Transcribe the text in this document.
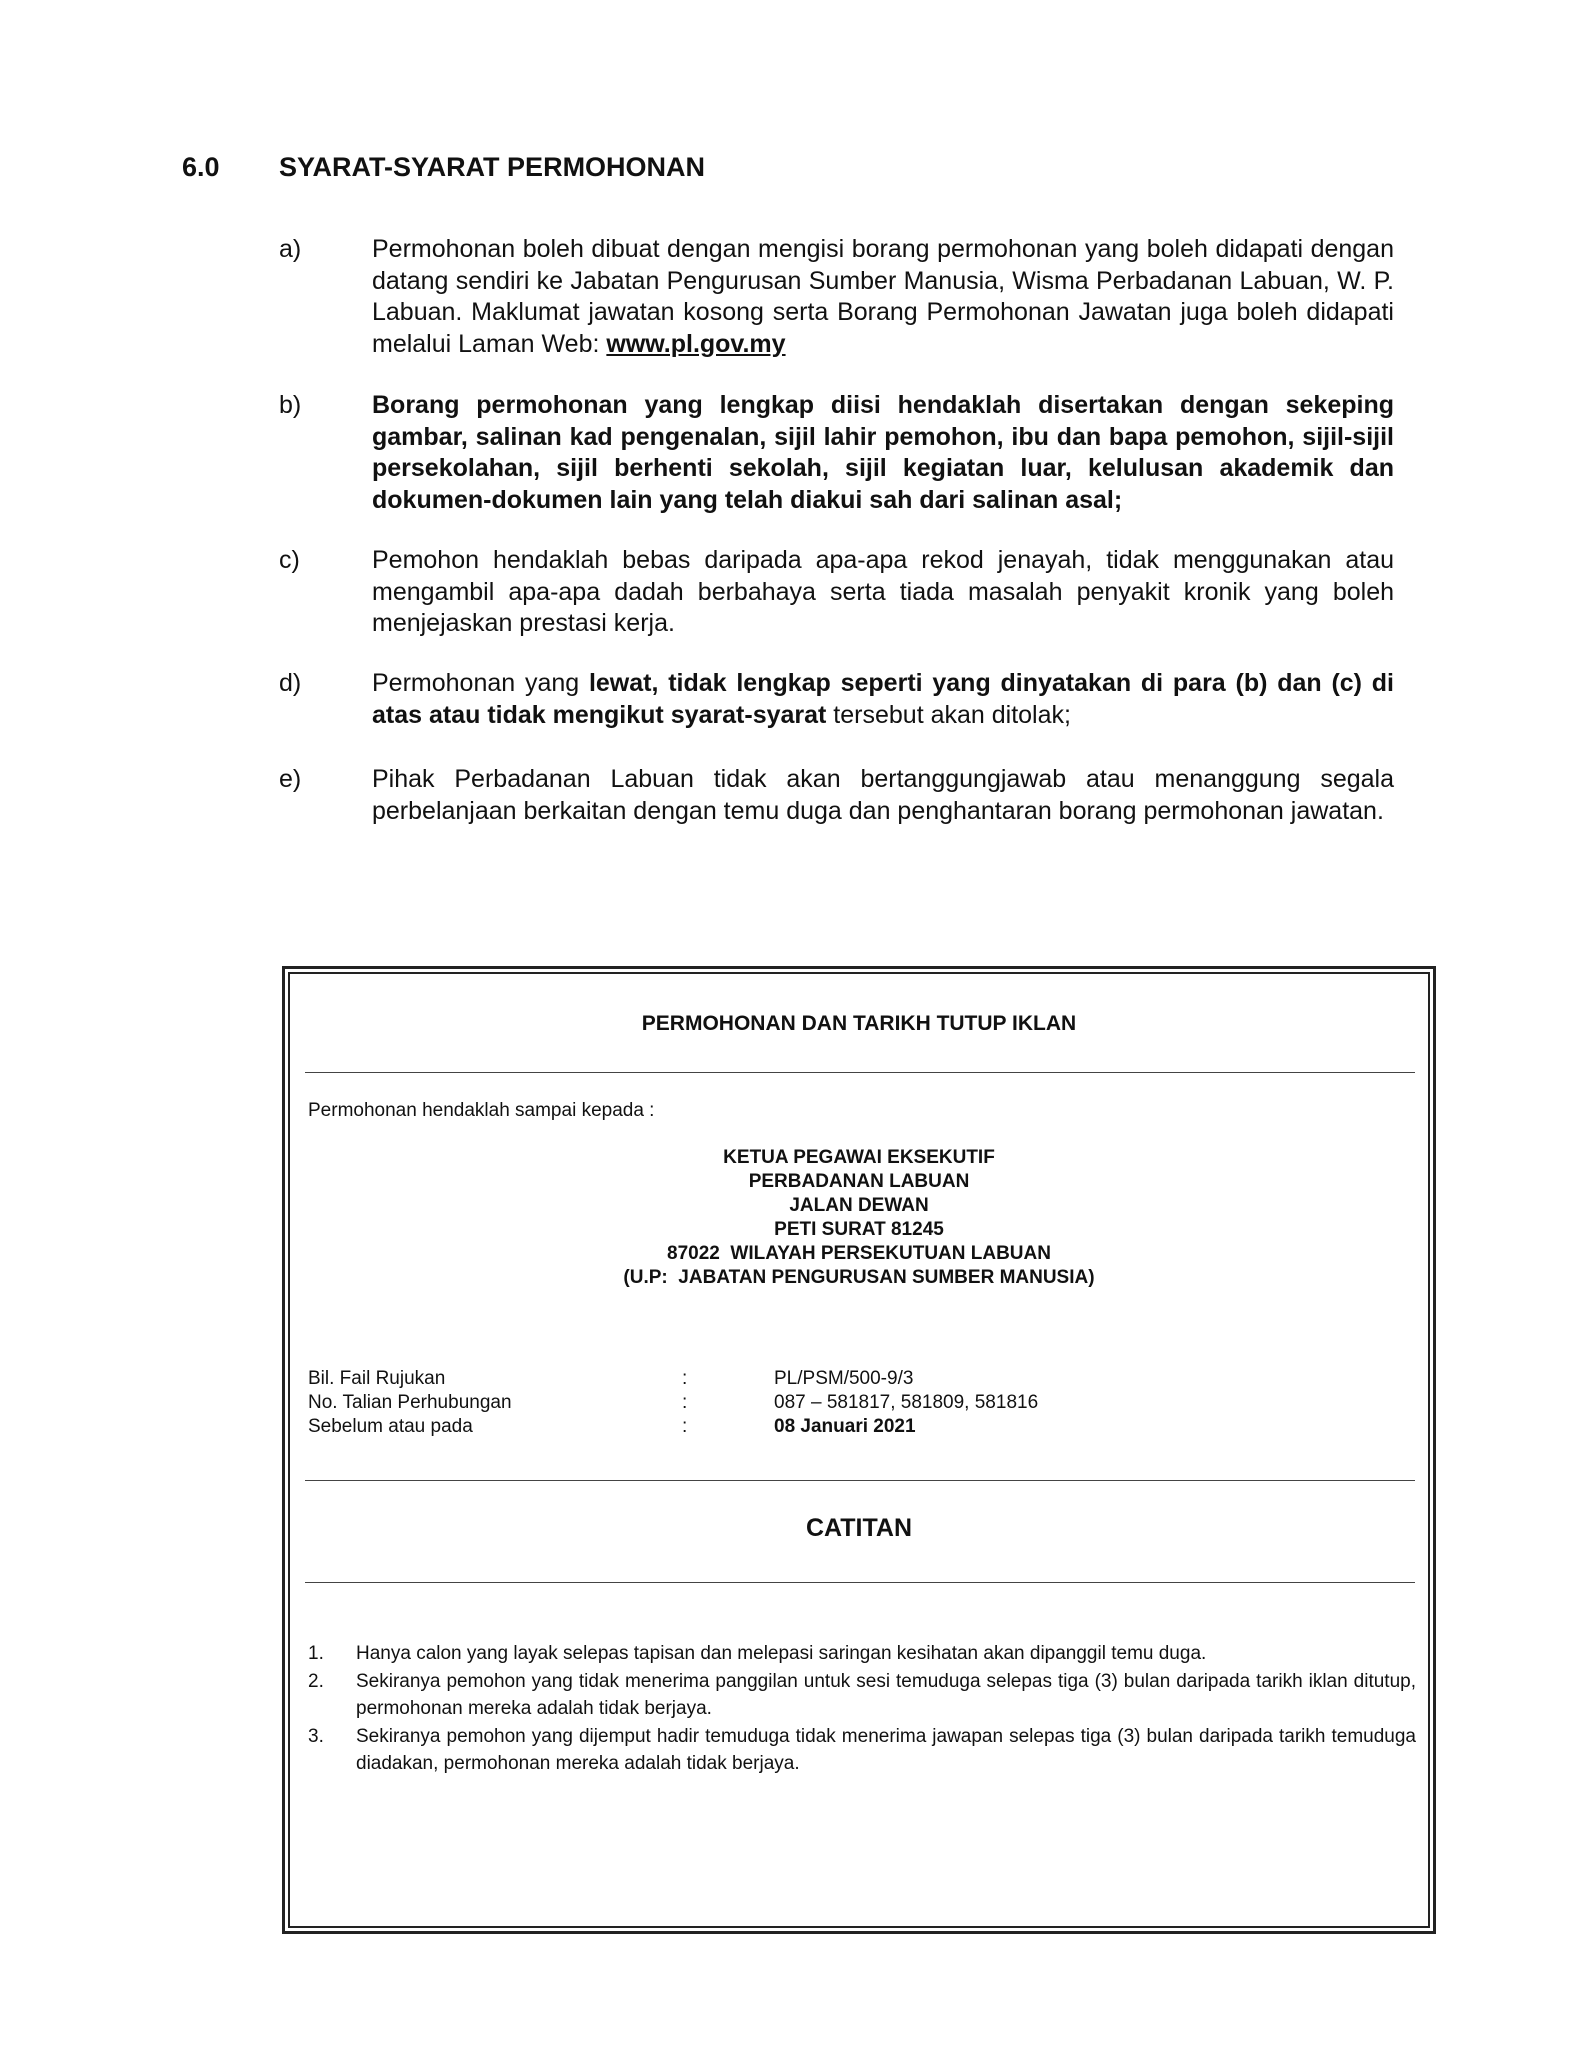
6.0 SYARAT-SYARAT PERMOHONAN
a)	Permohonan boleh dibuat dengan mengisi borang permohonan yang boleh didapati dengan datang sendiri ke Jabatan Pengurusan Sumber Manusia, Wisma Perbadanan Labuan, W. P. Labuan. Maklumat jawatan kosong serta Borang Permohonan Jawatan juga boleh didapati melalui Laman Web: www.pl.gov.my
b)	Borang permohonan yang lengkap diisi hendaklah disertakan dengan sekeping gambar, salinan kad pengenalan, sijil lahir pemohon, ibu dan bapa pemohon, sijil-sijil persekolahan, sijil berhenti sekolah, sijil kegiatan luar, kelulusan akademik dan dokumen-dokumen lain yang telah diakui sah dari salinan asal;
c)	Pemohon hendaklah bebas daripada apa-apa rekod jenayah, tidak menggunakan atau mengambil apa-apa dadah berbahaya serta tiada masalah penyakit kronik yang boleh menjejaskan prestasi kerja.
d)	Permohonan yang lewat, tidak lengkap seperti yang dinyatakan di para (b) dan (c) di atas atau tidak mengikut syarat-syarat tersebut akan ditolak;
e)	Pihak Perbadanan Labuan tidak akan bertanggungjawab atau menanggung segala perbelanjaan berkaitan dengan temu duga dan penghantaran borang permohonan jawatan.
PERMOHONAN DAN TARIKH TUTUP IKLAN
Permohonan hendaklah sampai kepada :
KETUA PEGAWAI EKSEKUTIF
PERBADANAN LABUAN
JALAN DEWAN
PETI SURAT 81245
87022  WILAYAH PERSEKUTUAN LABUAN
(U.P:  JABATAN PENGURUSAN SUMBER MANUSIA)
Bil. Fail Rujukan	:	PL/PSM/500-9/3
No. Talian Perhubungan	:	087 – 581817, 581809, 581816
Sebelum atau pada	:	08 Januari 2021
CATITAN
1. Hanya calon yang layak selepas tapisan dan melepasi saringan kesihatan akan dipanggil temu duga.
2. Sekiranya pemohon yang tidak menerima panggilan untuk sesi temuduga selepas tiga (3) bulan daripada tarikh iklan ditutup, permohonan mereka adalah tidak berjaya.
3. Sekiranya pemohon yang dijemput hadir temuduga tidak menerima jawapan selepas tiga (3) bulan daripada tarikh temuduga diadakan, permohonan mereka adalah tidak berjaya.
